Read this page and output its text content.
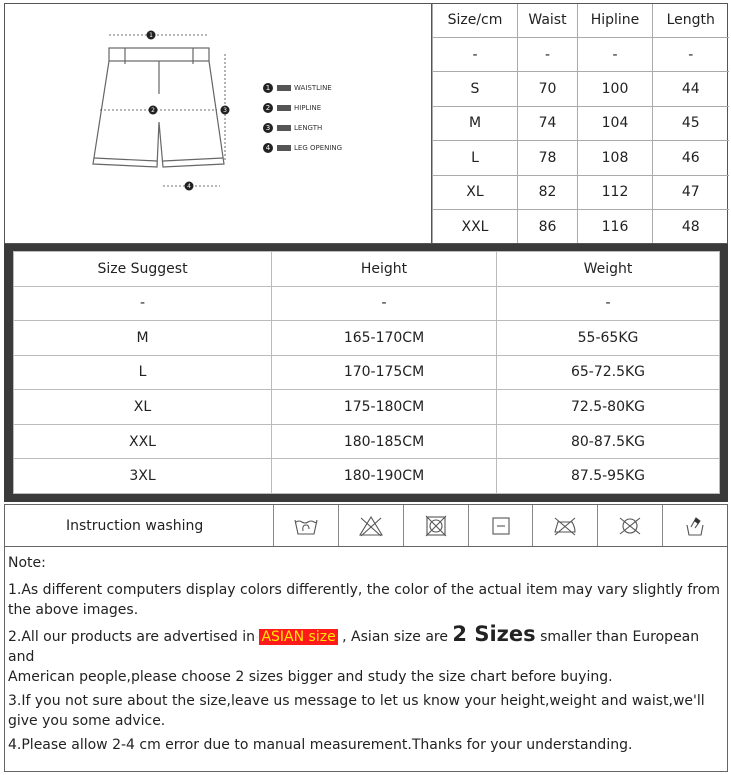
1
2	3
4
1	WAISTLINE
2	HIPLINE
3	LENGTH
4	LEG OPENING
Size/cm	Waist	Hipline	Length
-	-	-	-
S	70	100	44
M	74	104	45
L	78	108	46
XL	82	112	47
XXL	86	116	48
Size Suggest	Height	Weight
-	-	-
M	165-170CM	55-65KG
L	170-175CM	65-72.5KG
XL	175-180CM	72.5-80KG
XXL	180-185CM	80-87.5KG
3XL	180-190CM	87.5-95KG
Instruction washing
Note:

1.As different computers display colors differently, the color of the actual item may vary slightly from the above images.

2.All our products are advertised in ASIAN size , Asian size are 2 Sizes smaller than European and
American people,please choose 2 sizes bigger and study the size chart before buying.

3.If you not sure about the size,leave us message to let us know your height,weight and waist,we'll give you some advice.

4.Please allow 2-4 cm error due to manual measurement.Thanks for your understanding.
